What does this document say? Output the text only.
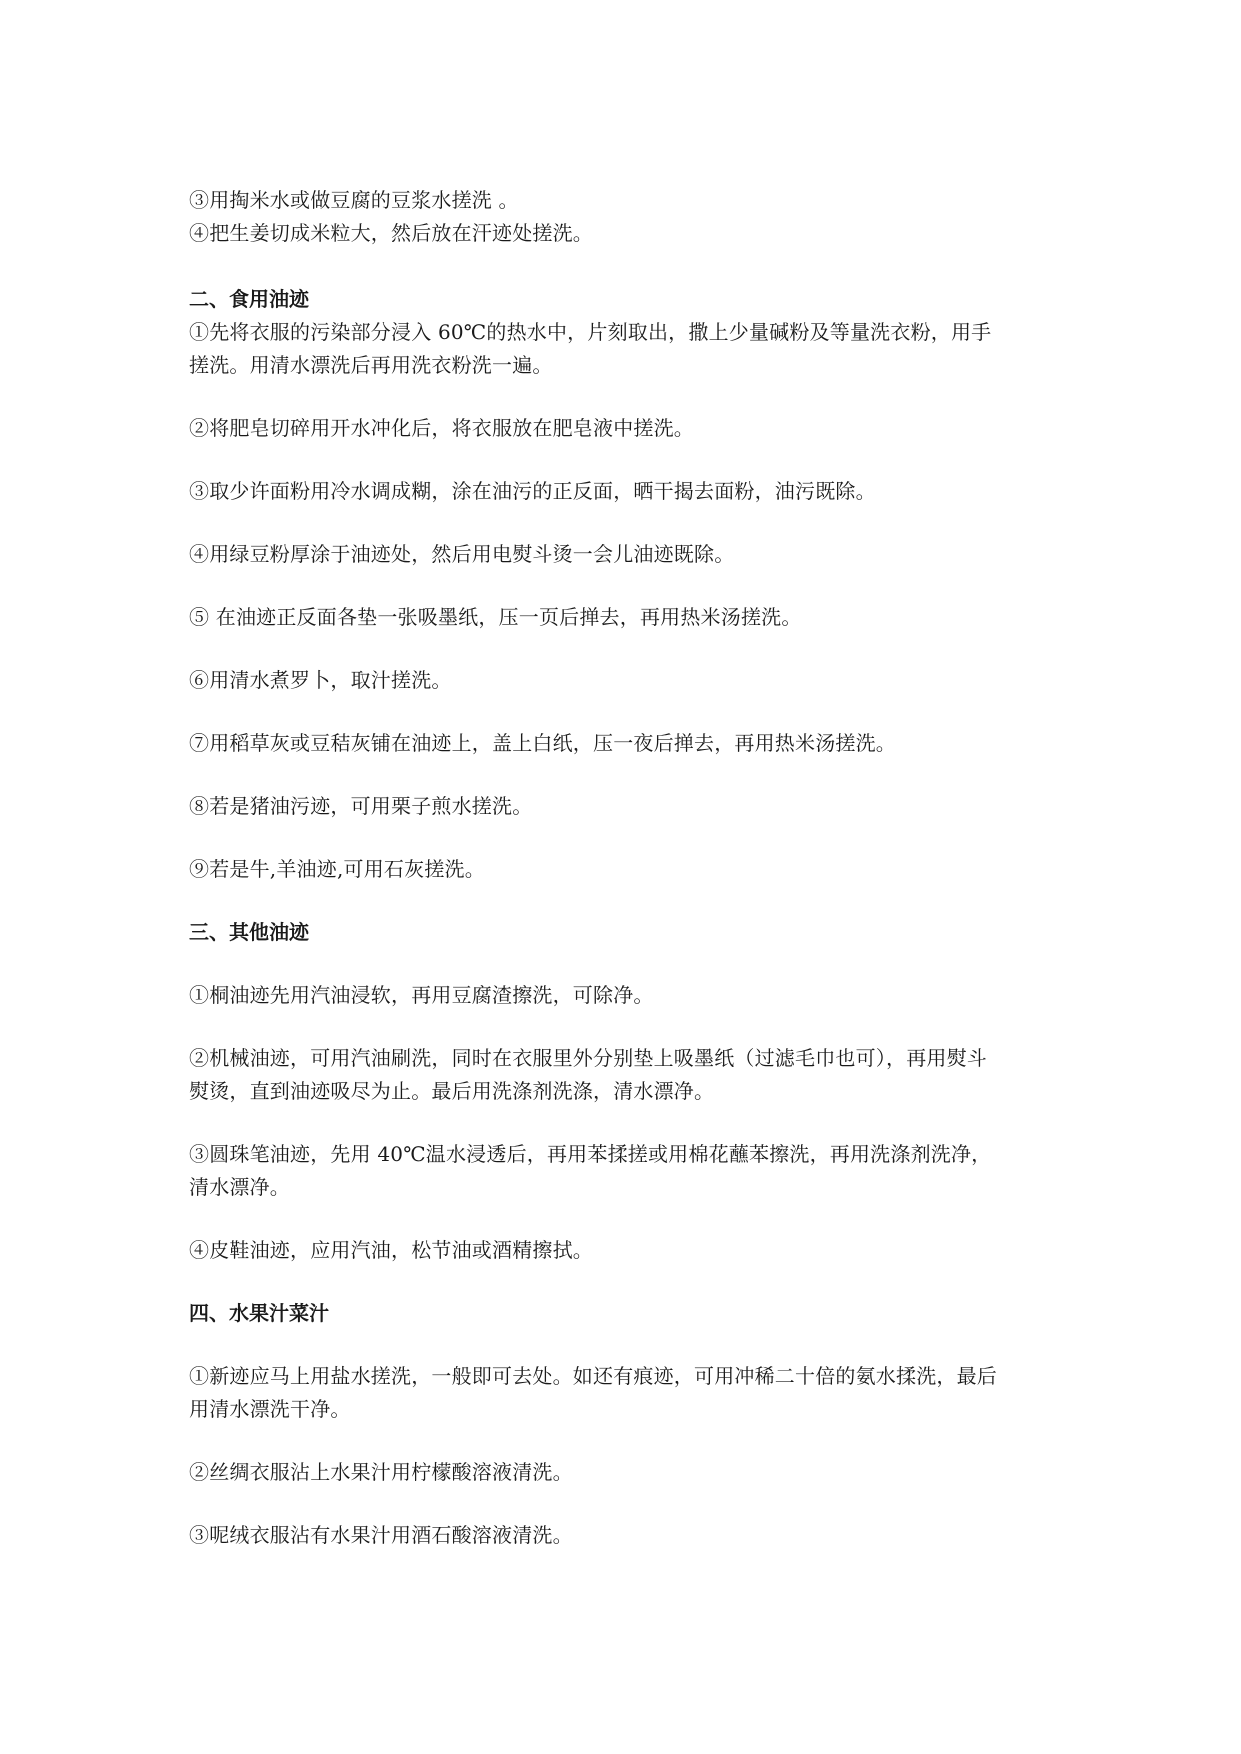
③用掏米水或做豆腐的豆浆水搓洗 。
④把生姜切成米粒大，然后放在汗迹处搓洗。
二、食用油迹
①先将衣服的污染部分浸入 60℃的热水中，片刻取出，撒上少量碱粉及等量洗衣粉，用手
搓洗。用清水漂洗后再用洗衣粉洗一遍。
②将肥皂切碎用开水冲化后，将衣服放在肥皂液中搓洗。
③取少许面粉用冷水调成糊，涂在油污的正反面，晒干揭去面粉，油污既除。
④用绿豆粉厚涂于油迹处，然后用电熨斗烫一会儿油迹既除。
⑤ 在油迹正反面各垫一张吸墨纸，压一页后掸去，再用热米汤搓洗。
⑥用清水煮罗卜，取汁搓洗。
⑦用稻草灰或豆秸灰铺在油迹上，盖上白纸，压一夜后掸去，再用热米汤搓洗。
⑧若是猪油污迹，可用栗子煎水搓洗。
⑨若是牛,羊油迹,可用石灰搓洗。
三、其他油迹
①桐油迹先用汽油浸软，再用豆腐渣擦洗，可除净。
②机械油迹，可用汽油刷洗，同时在衣服里外分别垫上吸墨纸（过滤毛巾也可），再用熨斗
熨烫，直到油迹吸尽为止。最后用洗涤剂洗涤，清水漂净。
③圆珠笔油迹，先用 40℃温水浸透后，再用苯揉搓或用棉花蘸苯擦洗，再用洗涤剂洗净，
清水漂净。
④皮鞋油迹，应用汽油，松节油或酒精擦拭。
四、水果汁菜汁
①新迹应马上用盐水搓洗，一般即可去处。如还有痕迹，可用冲稀二十倍的氨水揉洗，最后
用清水漂洗干净。
②丝绸衣服沾上水果汁用柠檬酸溶液清洗。
③呢绒衣服沾有水果汁用酒石酸溶液清洗。
